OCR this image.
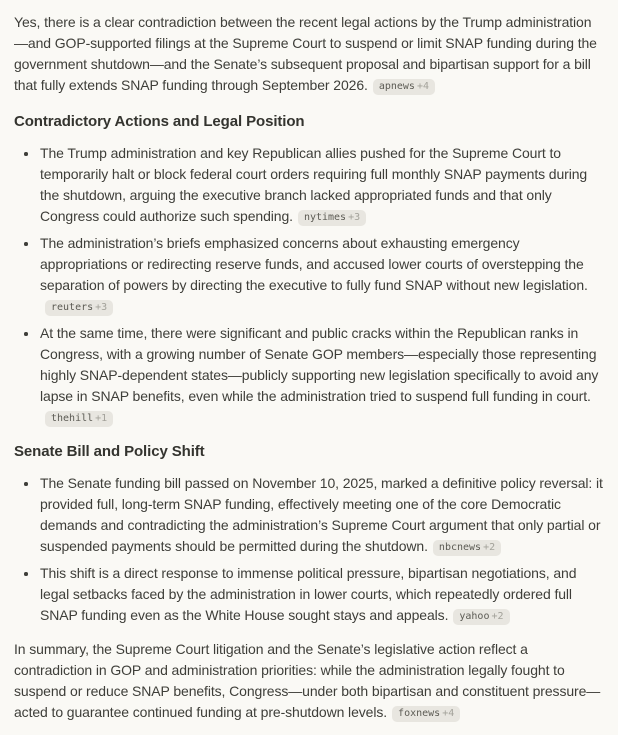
Yes, there is a clear contradiction between the recent legal actions by the Trump administration—and GOP-supported filings at the Supreme Court to suspend or limit SNAP funding during the government shutdown—and the Senate’s subsequent proposal and bipartisan support for a bill that fully extends SNAP funding through September 2026. apnews +4

Contradictory Actions and Legal Position
The Trump administration and key Republican allies pushed for the Supreme Court to temporarily halt or block federal court orders requiring full monthly SNAP payments during the shutdown, arguing the executive branch lacked appropriated funds and that only Congress could authorize such spending. nytimes +3
The administration’s briefs emphasized concerns about exhausting emergency appropriations or redirecting reserve funds, and accused lower courts of overstepping the separation of powers by directing the executive to fully fund SNAP without new legislation.reuters +3
At the same time, there were significant and public cracks within the Republican ranks in Congress, with a growing number of Senate GOP members—especially those representing highly SNAP-dependent states—publicly supporting new legislation specifically to avoid any lapse in SNAP benefits, even while the administration tried to suspend full funding in court.thehill +1
Senate Bill and Policy Shift
The Senate funding bill passed on November 10, 2025, marked a definitive policy reversal: it provided full, long-term SNAP funding, effectively meeting one of the core Democratic demands and contradicting the administration’s Supreme Court argument that only partial or suspended payments should be permitted during the shutdown. nbcnews +2
This shift is a direct response to immense political pressure, bipartisan negotiations, and legal setbacks faced by the administration in lower courts, which repeatedly ordered full SNAP funding even as the White House sought stays and appeals. yahoo +2

In summary, the Supreme Court litigation and the Senate’s legislative action reflect a contradiction in GOP and administration priorities: while the administration legally fought to suspend or reduce SNAP benefits, Congress—under both bipartisan and constituent pressure—acted to guarantee continued funding at pre-shutdown levels. foxnews +4
